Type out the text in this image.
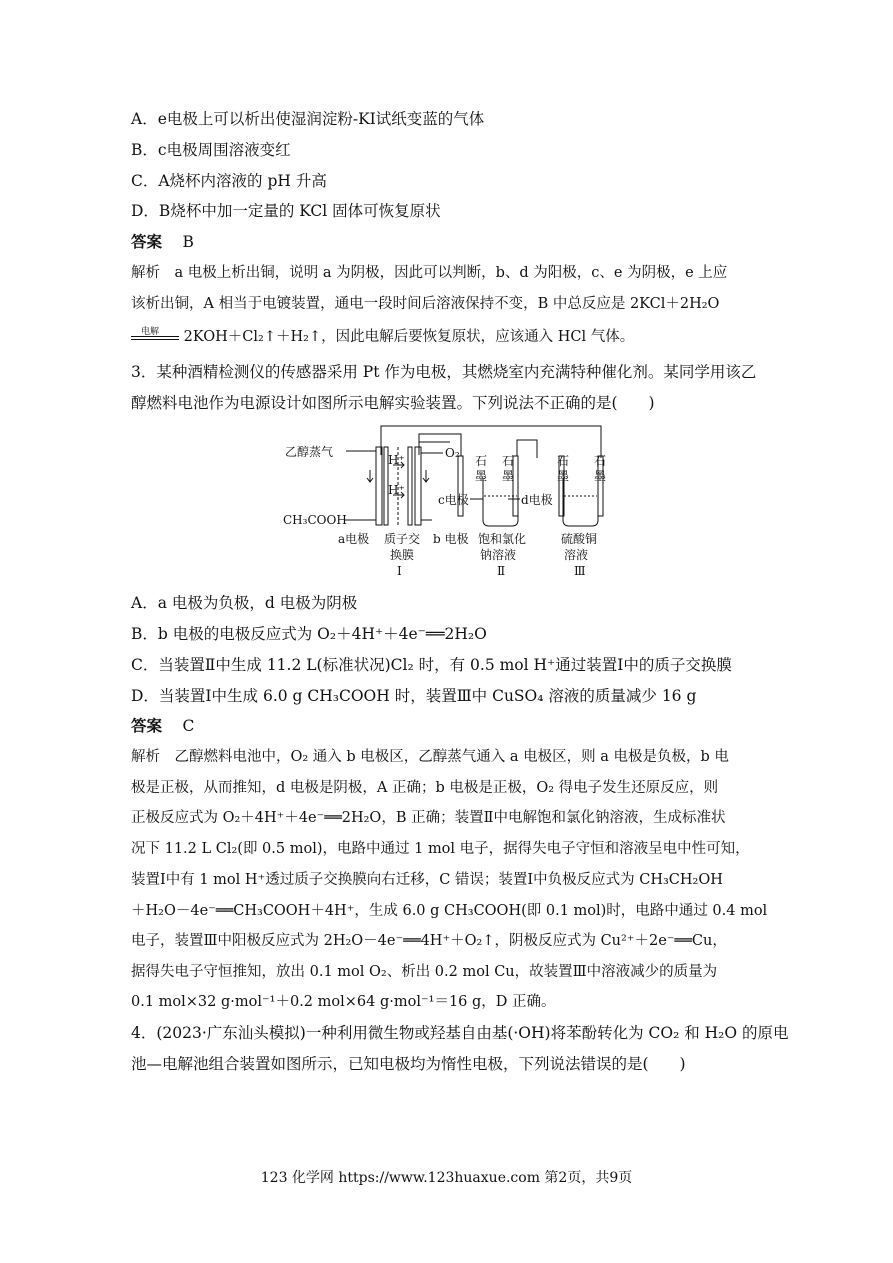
A．e电极上可以析出使湿润淀粉-KI试纸变蓝的气体
B．c电极周围溶液变红
C．A烧杯内溶液的 pH 升高
D．B烧杯中加一定量的 KCl 固体可恢复原状
答案　 B
解析　a 电极上析出铜，说明 a 为阴极，因此可以判断，b、d 为阳极，c、e 为阴极，e 上应
该析出铜，A 相当于电镀装置，通电一段时间后溶液保持不变，B 中总反应是 2KCl＋2H₂O
电解 2KOH＋Cl₂↑＋H₂↑，因此电解后要恢复原状，应该通入 HCl 气体。
3．某种酒精检测仪的传感器采用 Pt 作为电极，其燃烧室内充满特种催化剂。某同学用该乙
醇燃料电池作为电源设计如图所示电解实验装置。下列说法不正确的是(　　)
乙醇蒸气
CH₃COOH
O₂
H⁺
H⁺
a电极 质子交
换膜
Ⅰ
b 电极
c电极	d电极
石
墨
石
墨
石
墨
石
墨
饱和氯化
钠溶液
Ⅱ
硫酸铜
溶液
Ⅲ
A．a 电极为负极，d 电极为阴极
B．b 电极的电极反应式为 O₂＋4H⁺＋4e⁻══2H₂O
C．当装置Ⅱ中生成 11.2 L(标准状况)Cl₂ 时，有 0.5 mol H⁺通过装置Ⅰ中的质子交换膜
D．当装置Ⅰ中生成 6.0 g CH₃COOH 时，装置Ⅲ中 CuSO₄ 溶液的质量减少 16 g
答案　 C
解析　乙醇燃料电池中，O₂ 通入 b 电极区，乙醇蒸气通入 a 电极区，则 a 电极是负极，b 电
极是正极，从而推知，d 电极是阴极，A 正确；b 电极是正极，O₂ 得电子发生还原反应，则
正极反应式为 O₂＋4H⁺＋4e⁻══2H₂O，B 正确；装置Ⅱ中电解饱和氯化钠溶液，生成标准状
况下 11.2 L Cl₂(即 0.5 mol)，电路中通过 1 mol 电子，据得失电子守恒和溶液呈电中性可知，
装置Ⅰ中有 1 mol H⁺透过质子交换膜向右迁移，C 错误；装置Ⅰ中负极反应式为 CH₃CH₂OH
＋H₂O－4e⁻══CH₃COOH＋4H⁺，生成 6.0 g CH₃COOH(即 0.1 mol)时，电路中通过 0.4 mol
电子，装置Ⅲ中阳极反应式为 2H₂O－4e⁻══4H⁺＋O₂↑，阴极反应式为 Cu²⁺＋2e⁻══Cu，
据得失电子守恒推知，放出 0.1 mol O₂、析出 0.2 mol Cu，故装置Ⅲ中溶液减少的质量为
0.1 mol×32 g·mol⁻¹＋0.2 mol×64 g·mol⁻¹＝16 g，D 正确。
4．(2023·广东汕头模拟)一种利用微生物或羟基自由基(·OH)将苯酚转化为 CO₂ 和 H₂O 的原电
池—电解池组合装置如图所示，已知电极均为惰性电极，下列说法错误的是(　　)
123 化学网 https://www.123huaxue.com 第2页，共9页
